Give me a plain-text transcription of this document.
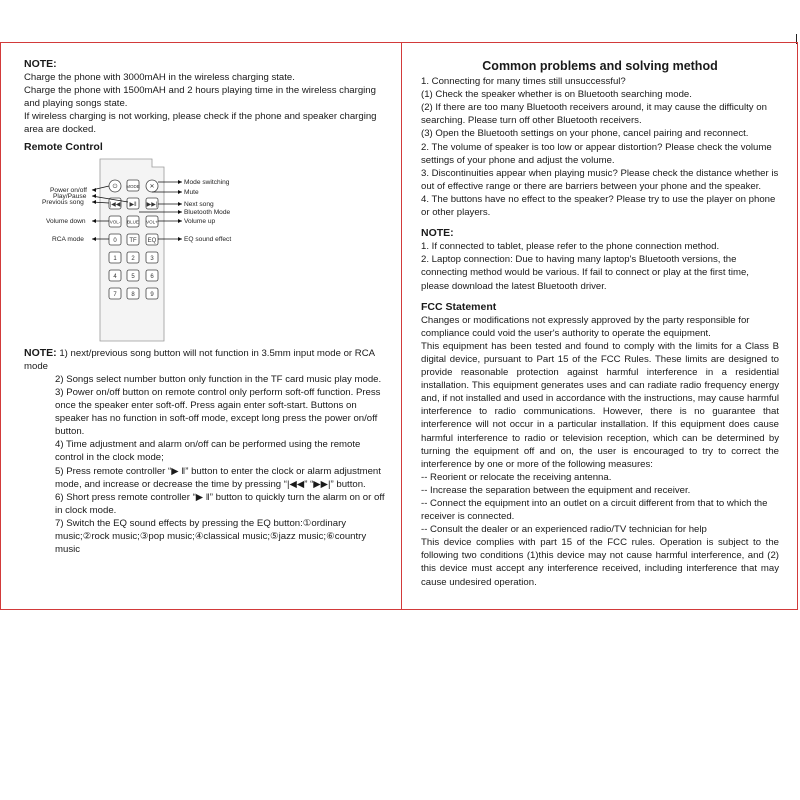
NOTE:

Charge the phone with 3000mAH in the wireless charging state.

Charge the phone with 1500mAH and 2 hours playing time in the wireless charging and playing songs state.

If wireless charging is not working, please check if the phone and speaker charging area are docked.

Remote Control
⏻ MODE ✕
|◀◀ ▶‖ ▶▶|
VOL- BLUE VOL+
0 TF EQ
1 2	3
4 5	6
7 8	9
Power on/off
Play/Pause
Previous song
Volume down
RCA mode
Mode switching
Mute
Next song
Bluetooth Mode
Volume up
EQ sound effect

NOTE: 1) next/previous song button will not function in 3.5mm input mode or RCA mode

2) Songs select number button only function in the TF card music play mode.

3) Power on/off button on remote control only perform soft-off function. Press once the speaker enter soft-off. Press again enter soft-start. Buttons on speaker has no function in soft-off mode, except long press the power on/off button.

4) Time adjustment and alarm on/off can be performed using the remote control in the clock mode;

5) Press remote controller “▶ ‖” button to enter the clock or alarm adjustment mode, and increase or decrease the time by pressing “|◀◀” “▶▶|” button.

6) Short press remote controller “▶ ‖” button to quickly turn the alarm on or off in clock mode.

7) Switch the EQ sound effects by pressing the EQ button:①ordinary music;②rock music;③pop music;④classical music;⑤jazz music;⑥country music

Common problems and solving method

1. Connecting for many times still unsuccessful?

(1) Check the speaker whether is on Bluetooth searching mode.

(2) If there are too many Bluetooth receivers around, it may cause the difficulty on searching. Please turn off other Bluetooth receivers.

(3) Open the Bluetooth settings on your phone, cancel pairing and reconnect.

2. The volume of speaker is too low or appear distortion? Please check the volume settings of your phone and adjust the volume.

3. Discontinuities appear when playing music? Please check the distance whether is out of effective range or there are barriers between your phone and the speaker.

4. The buttons have no effect to the speaker? Please try to use the player on phone or other players.

NOTE:

1. If connected to tablet, please refer to the phone connection method.

2. Laptop connection: Due to having many laptop's Bluetooth versions, the connecting method would be various. If fail to connect or play at the first time, please download the latest Bluetooth driver.

FCC Statement

Changes or modifications not expressly approved by the party responsible for compliance could void the user's authority to operate the equipment.

This equipment has been tested and found to comply with the limits for a Class B digital device, pursuant to Part 15 of the FCC Rules. These limits are designed to provide reasonable protection against harmful interference in a residential installation. This equipment generates uses and can radiate radio frequency energy and, if not installed and used in accordance with the instructions, may cause harmful interference to radio communications. However, there is no guarantee that interference will not occur in a particular installation. If this equipment does cause harmful interference to radio or television reception, which can be determined by turning the equipment off and on, the user is encouraged to try to correct the interference by one or more of the following measures:

-- Reorient or relocate the receiving antenna.

-- Increase the separation between the equipment and receiver.

-- Connect the equipment into an outlet on a circuit different from that to which the receiver is connected.

-- Consult the dealer or an experienced radio/TV technician for help

This device complies with part 15 of the FCC rules. Operation is subject to the following two conditions (1)this device may not cause harmful interference, and (2) this device must accept any interference received, including interference that may cause undesired operation.
